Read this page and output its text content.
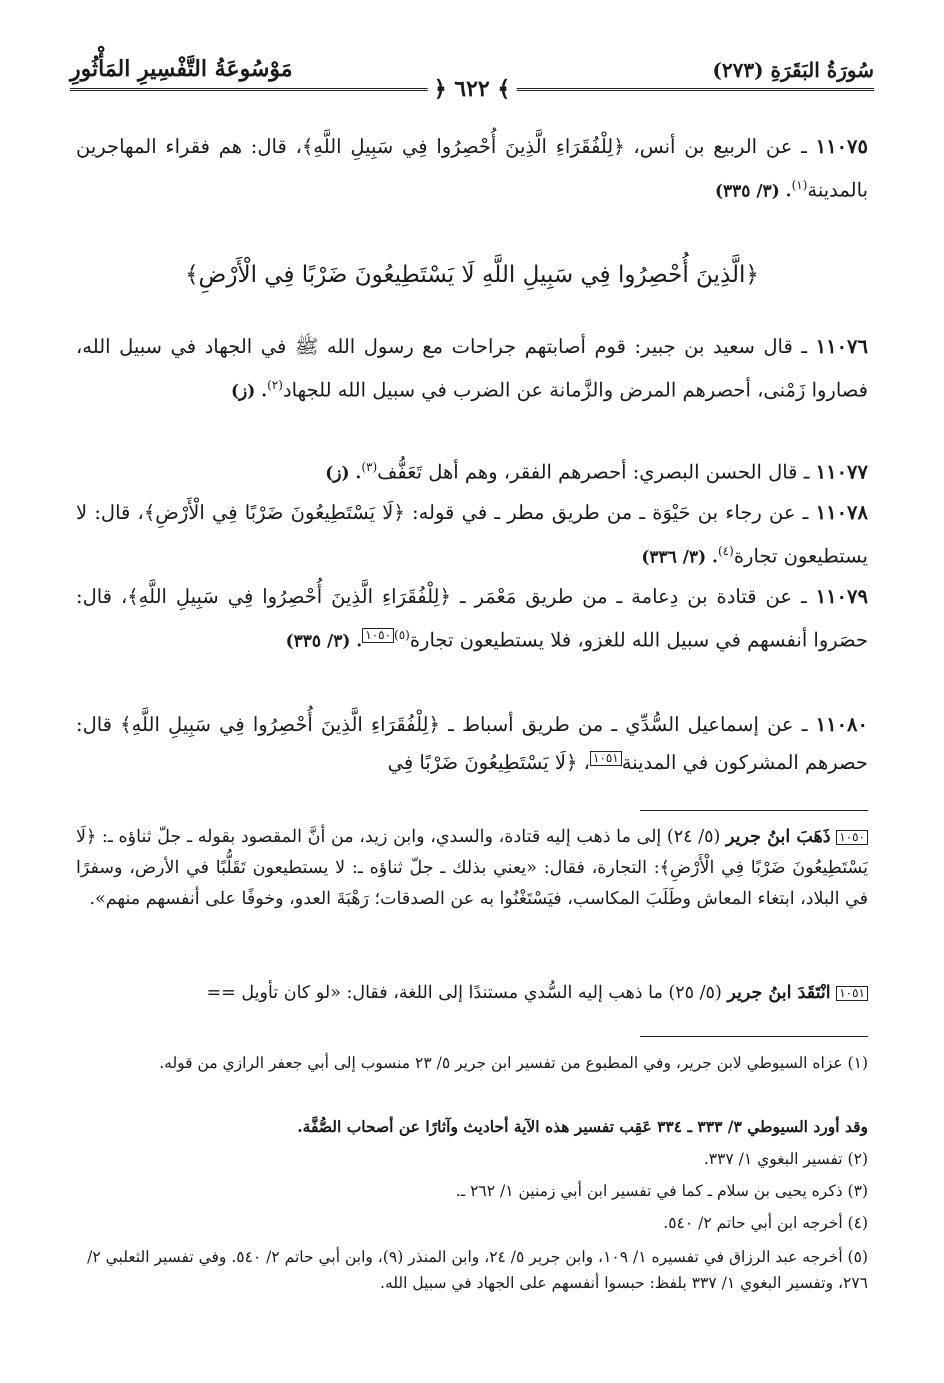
سُورَةُ البَقَرَةِ (٢٧٣)
﴾ ٦٢٢ ﴿
مَوْسُوعَةُ التَّفْسِيرِ المَأْثُورِ
١١٠٧٥ ـ عن الربيع بن أنس، ﴿لِلْفُقَرَاءِ الَّذِينَ أُحْصِرُوا فِي سَبِيلِ اللَّهِ﴾، قال: هم فقراء المهاجرين بالمدينة$^{(١)}$. (٣/ ٣٣٥)
﴿الَّذِينَ أُحْصِرُوا فِي سَبِيلِ اللَّهِ لَا يَسْتَطِيعُونَ ضَرْبًا فِي الْأَرْضِ﴾
١١٠٧٦ ـ قال سعيد بن جبير: قوم أصابتهم جراحات مع رسول الله ﷺ في الجهاد في سبيل الله، فصاروا زَمْنى، أحصرهم المرض والزَّمانة عن الضرب في سبيل الله للجهاد$^{(٢)}$. (ز)
١١٠٧٧ ـ قال الحسن البصري: أحصرهم الفقر، وهم أهل تَعَفُّف$^{(٣)}$. (ز)
١١٠٧٨ ـ عن رجاء بن حَيْوَة ـ من طريق مطر ـ في قوله: ﴿لَا يَسْتَطِيعُونَ ضَرْبًا فِي الْأَرْضِ﴾، قال: لا يستطيعون تجارة$^{(٤)}$. (٣/ ٣٣٦)
١١٠٧٩ ـ عن قتادة بن دِعامة ـ من طريق مَعْمَر ـ ﴿لِلْفُقَرَاءِ الَّذِينَ أُحْصِرُوا فِي سَبِيلِ اللَّهِ﴾، قال: حصَروا أنفسهم في سبيل الله للغزو، فلا يستطيعون تجارة$^{(٥)}$١٠٥٠. (٣/ ٣٣٥)
١١٠٨٠ ـ عن إسماعيل السُّدِّي ـ من طريق أسباط ـ ﴿لِلْفُقَرَاءِ الَّذِينَ أُحْصِرُوا فِي سَبِيلِ اللَّهِ﴾ قال: حصرهم المشركون في المدينة١٠٥١، ﴿لَا يَسْتَطِيعُونَ ضَرْبًا فِي
١٠٥٠ ذَهَبَ ابنُ جرير (٥/ ٢٤) إلى ما ذهب إليه قتادة، والسدي، وابن زيد، من أنَّ المقصود بقوله ـ جلّ ثناؤه ـ: ﴿لَا يَسْتَطِيعُونَ ضَرْبًا فِي الْأَرْضِ﴾: التجارة، فقال: «يعني بذلك ـ جلّ ثناؤه ـ: لا يستطيعون تَقَلُّبًا في الأرض، وسفرًا في البلاد، ابتغاء المعاش وطَلَبَ المكاسب، فيَسْتَغْنُوا به عن الصدقات؛ رَهْبَةَ العدو، وخوفًا على أنفسهم منهم».
١٠٥١ انْتَقَدَ ابنُ جرير (٥/ ٢٥) ما ذهب إليه السُّدي مستندًا إلى اللغة، فقال: «لو كان تأويل ==
(١) عزاه السيوطي لابن جرير، وفي المطبوع من تفسير ابن جرير ٥/ ٢٣ منسوب إلى أبي جعفر الرازي من قوله.
وقد أورد السيوطي ٣/ ٣٣٣ ـ ٣٣٤ عَقِب تفسير هذه الآية أحاديث وآثارًا عن أصحاب الصُّفَّة.
(٢) تفسير البغوي ١/ ٣٣٧.
(٣) ذكره يحيى بن سلام ـ كما في تفسير ابن أبي زمنين ١/ ٢٦٢ ـ.
(٤) أخرجه ابن أبي حاتم ٢/ ٥٤٠.
(٥) أخرجه عبد الرزاق في تفسيره ١/ ١٠٩، وابن جرير ٥/ ٢٤، وابن المنذر (٩)، وابن أبي حاتم ٢/ ٥٤٠. وفي تفسير الثعلبي ٢/ ٢٧٦، وتفسير البغوي ١/ ٣٣٧ بلفظ: حبسوا أنفسهم على الجهاد في سبيل الله.
